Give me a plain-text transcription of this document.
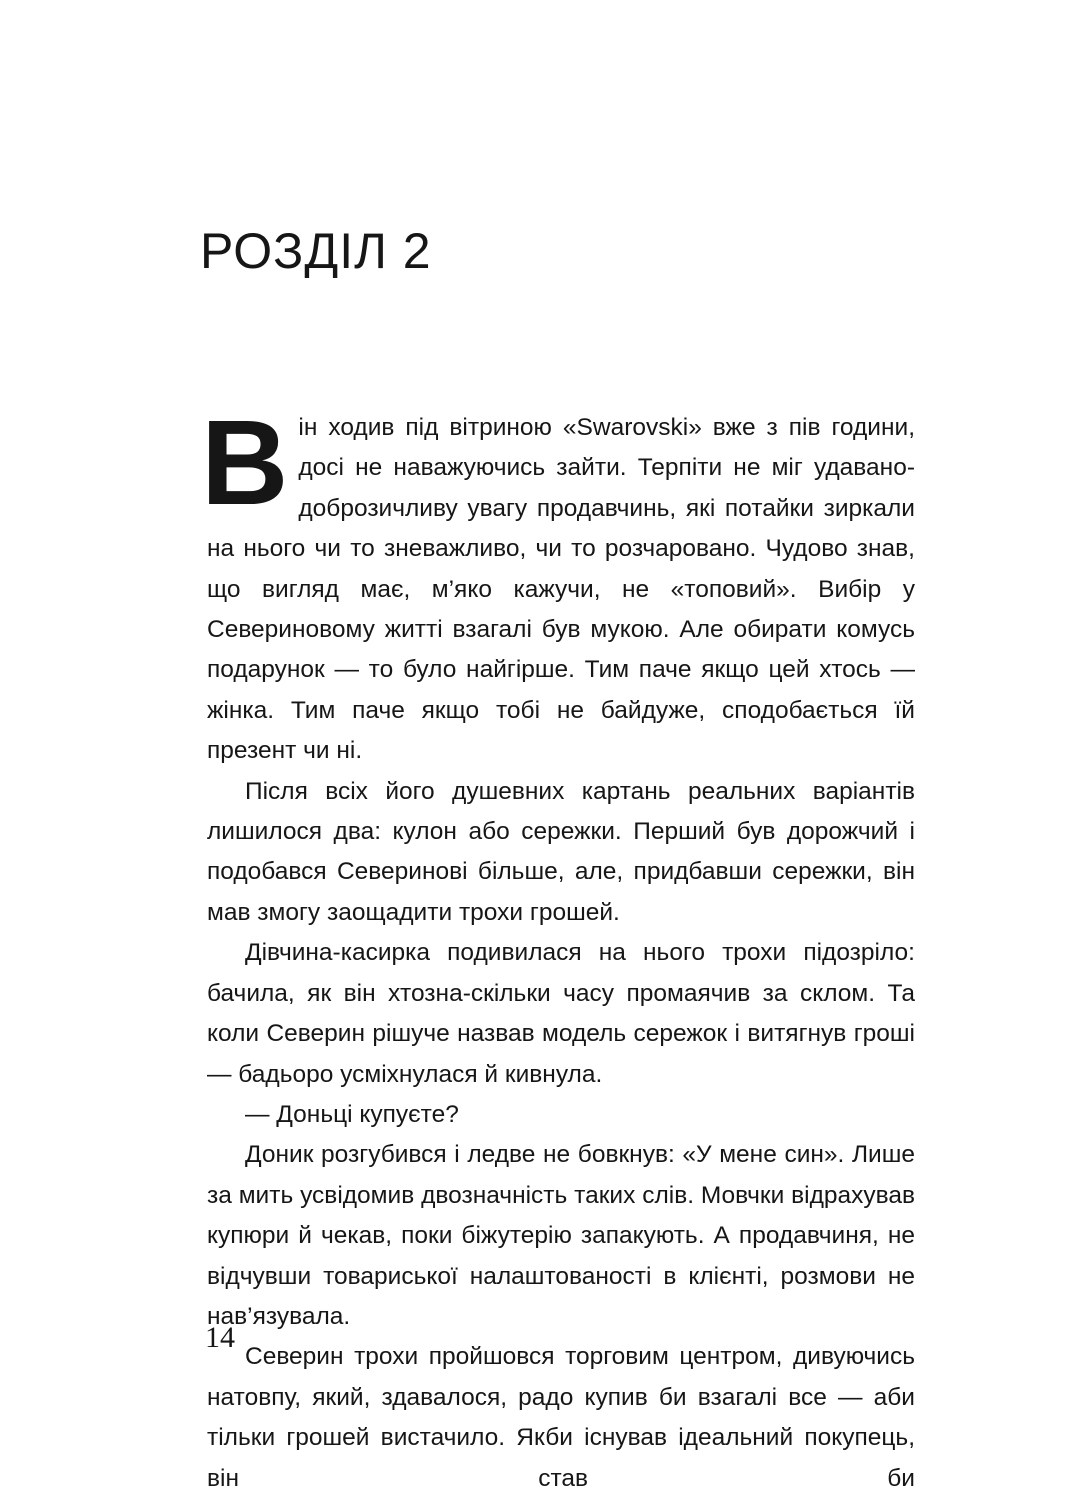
РОЗДІЛ 2

Він ходив під вітриною «Swarovski» вже з пів години, досі не наважуючись зайти. Терпіти не міг удавано-доброзичливу увагу продавчинь, які потайки зиркали на нього чи то зневажливо, чи то розчаровано. Чудово знав, що вигляд має, м’яко кажучи, не «топовий». Вибір у Севериновому житті взагалі був мукою. Але обирати комусь подарунок — то було найгірше. Тим паче якщо цей хтось — жінка. Тим паче якщо тобі не байдуже, сподобається їй презент чи ні.

Після всіх його душевних картань реальних варіантів лишилося два: кулон або сережки. Перший був дорожчий і подобався Северинові більше, але, придбавши сережки, він мав змогу заощадити трохи грошей.

Дівчина-касирка подивилася на нього трохи підозріло: бачила, як він хтозна-скільки часу промаячив за склом. Та коли Северин рішуче назвав модель сережок і витягнув гроші — бадьоро усміхнулася й кивнула.

— Доньці купуєте?

Доник розгубився і ледве не бовкнув: «У мене син». Лише за мить усвідомив двозначність таких слів. Мовчки відрахував купюри й чекав, поки біжутерію запакують. А продавчиня, не відчувши товариської налаштованості в клієнті, розмови не нав’язувала.

Северин трохи пройшовся торговим центром, дивуючись натовпу, який, здавалося, радо купив би взагалі все — аби тільки грошей вистачило. Якби існував ідеальний покупець, він став би

14
